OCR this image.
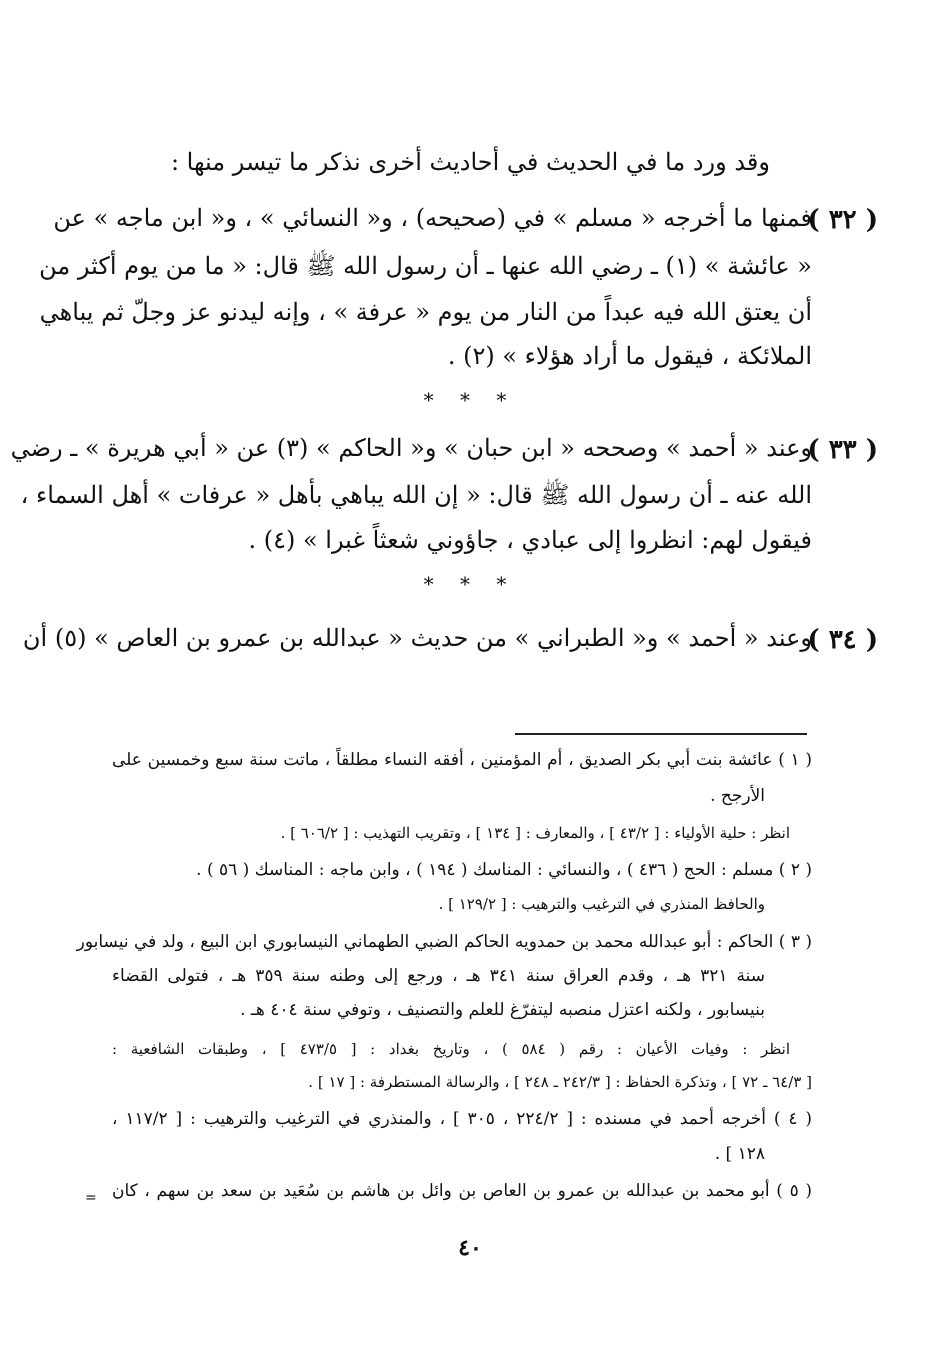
وقد ورد ما في الحديث في أحاديث أخرى نذكر ما تيسر منها :
( ٣٢ )
فمنها ما أخرجه « مسلم » في (صحيحه) ، و« النسائي » ، و« ابن ماجه » عن
« عائشة » (١) ـ رضي الله عنها ـ أن رسول الله ﷺ قال: « ما من يوم أكثر من
أن يعتق الله فيه عبداً من النار من يوم « عرفة » ، وإنه ليدنو عز وجلّ ثم يباهي
الملائكة ، فيقول ما أراد هؤلاء » (٢) .
* * *
( ٣٣ )
وعند « أحمد » وصححه « ابن حبان » و« الحاكم » (٣) عن « أبي هريرة » ـ رضي
الله عنه ـ أن رسول الله ﷺ قال: « إن الله يباهي بأهل « عرفات » أهل السماء ،
فيقول لهم: انظروا إلى عبادي ، جاؤوني شعثاً غبرا » (٤) .
* * *
( ٣٤ )
وعند « أحمد » و« الطبراني » من حديث « عبدالله بن عمرو بن العاص » (٥) أن
( ١ ) عائشة بنت أبي بكر الصديق ، أم المؤمنين ، أفقه النساء مطلقاً ، ماتت سنة سبع وخمسين على
الأرجح .
انظر : حلية الأولياء : [ ٤٣/٢ ] ، والمعارف : [ ١٣٤ ] ، وتقريب التهذيب : [ ٦٠٦/٢ ] .
( ٢ ) مسلم : الحج ( ٤٣٦ ) ، والنسائي : المناسك ( ١٩٤ ) ، وابن ماجه : المناسك ( ٥٦ ) .
والحافظ المنذري في الترغيب والترهيب : [ ١٢٩/٢ ] .
( ٣ ) الحاكم : أبو عبدالله محمد بن حمدويه الحاكم الضبي الطهماني النيسابوري ابن البيع ، ولد في نيسابور
سنة ٣٢١ هـ ، وقدم العراق سنة ٣٤١ هـ ، ورجع إلى وطنه سنة ٣٥٩ هـ ، فتولى القضاء
بنيسابور ، ولكنه اعتزل منصبه ليتفرّغ للعلم والتصنيف ، وتوفي سنة ٤٠٤ هـ .
انظر : وفيات الأعيان : رقم ( ٥٨٤ ) ، وتاريخ بغداد : [ ٤٧٣/٥ ] ، وطبقات الشافعية :
[ ٦٤/٣ ـ ٧٢ ] ، وتذكرة الحفاظ : [ ٢٤٢/٣ ـ ٢٤٨ ] ، والرسالة المستطرفة : [ ١٧ ] .
( ٤ ) أخرجه أحمد في مسنده : [ ٢٢٤/٢ ، ٣٠٥ ] ، والمنذري في الترغيب والترهيب : [ ١١٧/٢ ،
١٢٨ ] .
( ٥ ) أبو محمد بن عبدالله بن عمرو بن العاص بن وائل بن هاشم بن سُعَيد بن سعد بن سهم ، كان
=
٤٠
